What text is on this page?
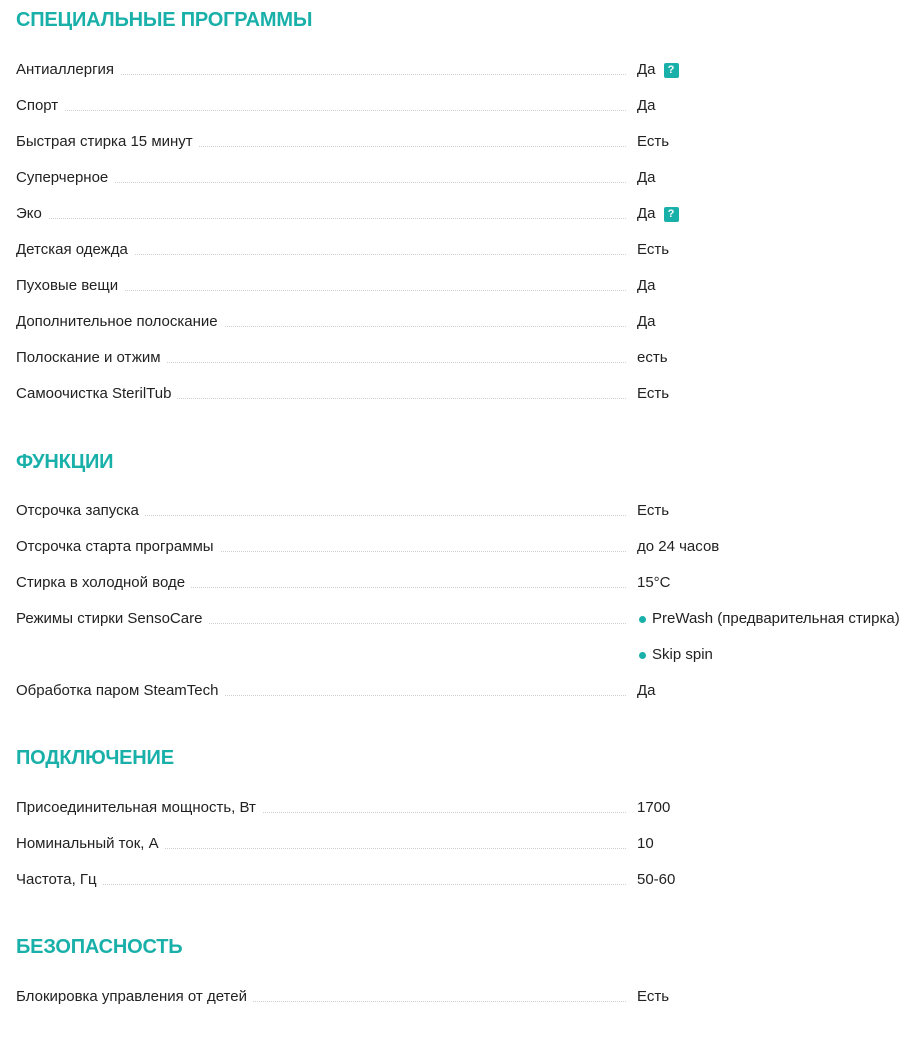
СПЕЦИАЛЬНЫЕ ПРОГРАММЫ
Антиаллергия	Да	?
Спорт	Да
Быстрая стирка 15 минут	Есть
Суперчерное	Да
Эко	Да	?
Детская одежда	Есть
Пуховые вещи	Да
Дополнительное полоскание	Да
Полоскание и отжим	есть
Самоочистка SterilTub	Есть
ФУНКЦИИ
Отсрочка запуска	Есть
Отсрочка старта программы	до 24 часов
Стирка в холодной воде	15°C
Режимы стирки SensoCare	PreWash (предварительная стирка)
Skip spin
Обработка паром SteamTech	Да
ПОДКЛЮЧЕНИЕ
Присоединительная мощность, Вт	1700
Номинальный ток, А	10
Частота, Гц	50-60
БЕЗОПАСНОСТЬ
Блокировка управления от детей	Есть
